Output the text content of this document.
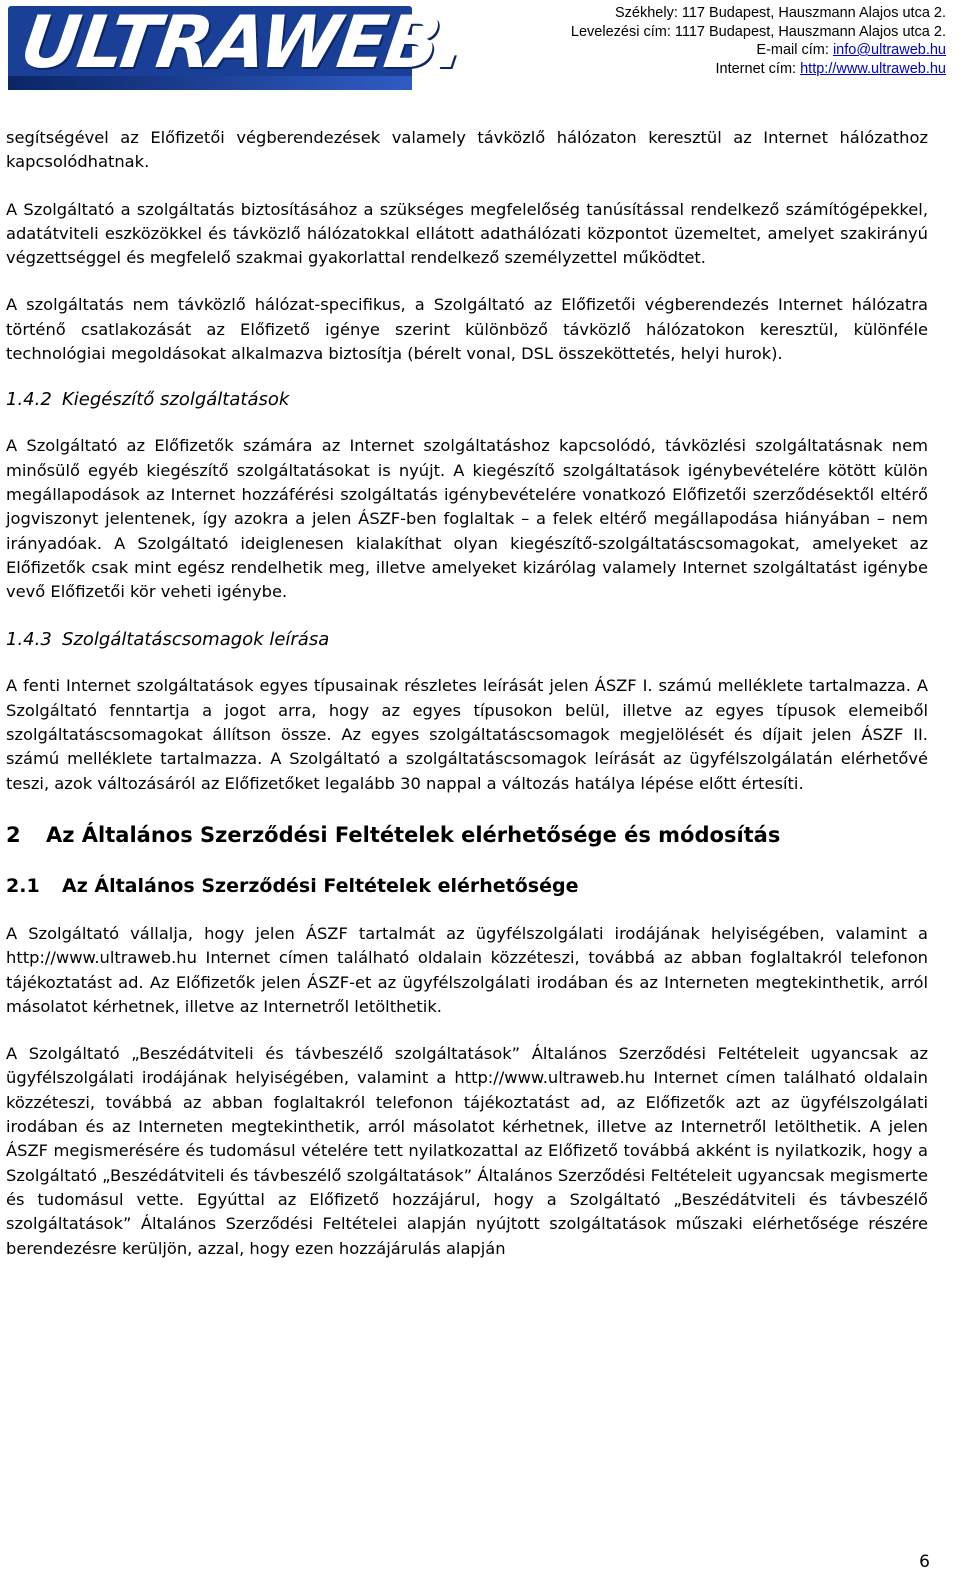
ULTRAWEB.	Székhely: 117 Budapest, Hauszmann Alajos utca 2.
Levelezési cím: 1117 Budapest, Hauszmann Alajos utca 2.
E-mail cím: info@ultraweb.hu
Internet cím: http://www.ultraweb.hu

segítségével az Előfizetői végberendezések valamely távközlő hálózaton keresztül az Internet hálózathoz kapcsolódhatnak.

A Szolgáltató a szolgáltatás biztosításához a szükséges megfelelőség tanúsítással rendelkező számítógépekkel, adatátviteli eszközökkel és távközlő hálózatokkal ellátott adathálózati központot üzemeltet, amelyet szakirányú végzettséggel és megfelelő szakmai gyakorlattal rendelkező személyzettel működtet.

A szolgáltatás nem távközlő hálózat-specifikus, a Szolgáltató az Előfizetői végberendezés Internet hálózatra történő csatlakozását az Előfizető igénye szerint különböző távközlő hálózatokon keresztül, különféle technológiai megoldásokat alkalmazva biztosítja (bérelt vonal, DSL összeköttetés, helyi hurok).

1.4.2 Kiegészítő szolgáltatások

A Szolgáltató az Előfizetők számára az Internet szolgáltatáshoz kapcsolódó, távközlési szolgáltatásnak nem minősülő egyéb kiegészítő szolgáltatásokat is nyújt. A kiegészítő szolgáltatások igénybevételére kötött külön megállapodások az Internet hozzáférési szolgáltatás igénybevételére vonatkozó Előfizetői szerződésektől eltérő jogviszonyt jelentenek, így azokra a jelen ÁSZF-ben foglaltak – a felek eltérő megállapodása hiányában – nem irányadóak. A Szolgáltató ideiglenesen kialakíthat olyan kiegészítő-szolgáltatáscsomagokat, amelyeket az Előfizetők csak mint egész rendelhetik meg, illetve amelyeket kizárólag valamely Internet szolgáltatást igénybe vevő Előfizetői kör veheti igénybe.

1.4.3 Szolgáltatáscsomagok leírása

A fenti Internet szolgáltatások egyes típusainak részletes leírását jelen ÁSZF I. számú melléklete tartalmazza. A Szolgáltató fenntartja a jogot arra, hogy az egyes típusokon belül, illetve az egyes típusok elemeiből szolgáltatáscsomagokat állítson össze. Az egyes szolgáltatáscsomagok megjelölését és díjait jelen ÁSZF II. számú melléklete tartalmazza. A Szolgáltató a szolgáltatáscsomagok leírását az ügyfélszolgálatán elérhetővé teszi, azok változásáról az Előfizetőket legalább 30 nappal a változás hatálya lépése előtt értesíti.

2 Az Általános Szerződési Feltételek elérhetősége és módosítás
2.1 Az Általános Szerződési Feltételek elérhetősége

A Szolgáltató vállalja, hogy jelen ÁSZF tartalmát az ügyfélszolgálati irodájának helyiségében, valamint a http://www.ultraweb.hu Internet címen található oldalain közzéteszi, továbbá az abban foglaltakról telefonon tájékoztatást ad. Az Előfizetők jelen ÁSZF-et az ügyfélszolgálati irodában és az Interneten megtekinthetik, arról másolatot kérhetnek, illetve az Internetről letölthetik.

A Szolgáltató „Beszédátviteli és távbeszélő szolgáltatások” Általános Szerződési Feltételeit ugyancsak az ügyfélszolgálati irodájának helyiségében, valamint a http://www.ultraweb.hu Internet címen található oldalain közzéteszi, továbbá az abban foglaltakról telefonon tájékoztatást ad, az Előfizetők azt az ügyfélszolgálati irodában és az Interneten megtekinthetik, arról másolatot kérhetnek, illetve az Internetről letölthetik. A jelen ÁSZF megismerésére és tudomásul vételére tett nyilatkozattal az Előfizető továbbá akként is nyilatkozik, hogy a Szolgáltató „Beszédátviteli és távbeszélő szolgáltatások” Általános Szerződési Feltételeit ugyancsak megismerte és tudomásul vette. Egyúttal az Előfizető hozzájárul, hogy a Szolgáltató „Beszédátviteli és távbeszélő szolgáltatások” Általános Szerződési Feltételei alapján nyújtott szolgáltatások műszaki elérhetősége részére berendezésre kerüljön, azzal, hogy ezen hozzájárulás alapján

6
